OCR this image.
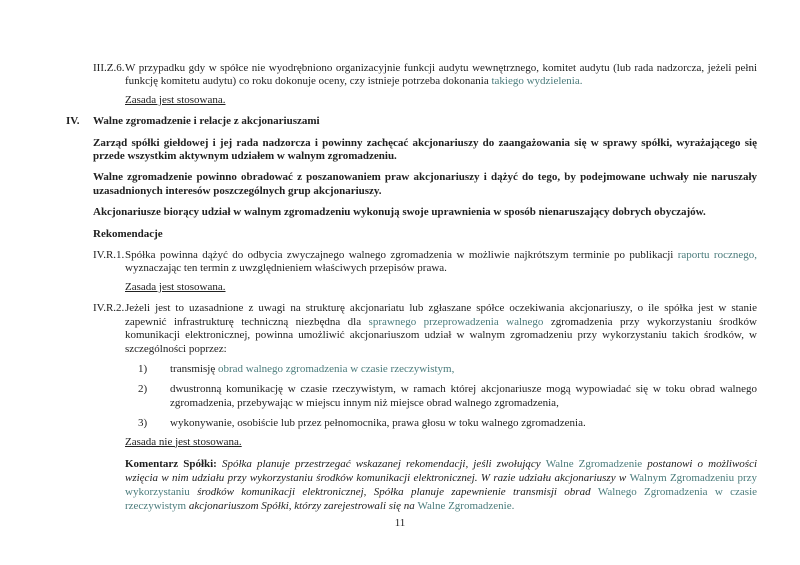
III.Z.6. W przypadku gdy w spółce nie wyodrębniono organizacyjnie funkcji audytu wewnętrznego, komitet audytu (lub rada nadzorcza, jeżeli pełni funkcję komitetu audytu) co roku dokonuje oceny, czy istnieje potrzeba dokonania takiego wydzielenia.

Zasada jest stosowana.

IV.	Walne zgromadzenie i relacje z akcjonariuszami

Zarząd spółki giełdowej i jej rada nadzorcza i powinny zachęcać akcjonariuszy do zaangażowania się w sprawy spółki, wyrażającego się przede wszystkim aktywnym udziałem w walnym zgromadzeniu.

Walne zgromadzenie powinno obradować z poszanowaniem praw akcjonariuszy i dążyć do tego, by podejmowane uchwały nie naruszały uzasadnionych interesów poszczególnych grup akcjonariuszy.

Akcjonariusze biorący udział w walnym zgromadzeniu wykonują swoje uprawnienia w sposób nienaruszający dobrych obyczajów.

Rekomendacje

IV.R.1. Spółka powinna dążyć do odbycia zwyczajnego walnego zgromadzenia w możliwie najkrótszym terminie po publikacji raportu rocznego, wyznaczając ten termin z uwzględnieniem właściwych przepisów prawa.

Zasada jest stosowana.

IV.R.2. Jeżeli jest to uzasadnione z uwagi na strukturę akcjonariatu lub zgłaszane spółce oczekiwania akcjonariuszy, o ile spółka jest w stanie zapewnić infrastrukturę techniczną niezbędna dla sprawnego przeprowadzenia walnego zgromadzenia przy wykorzystaniu środków komunikacji elektronicznej, powinna umożliwić akcjonariuszom udział w walnym zgromadzeniu przy wykorzystaniu takich środków, w szczególności poprzez:

1)	transmisję obrad walnego zgromadzenia w czasie rzeczywistym,

2)	dwustronną komunikację w czasie rzeczywistym, w ramach której akcjonariusze mogą wypowiadać się w toku obrad walnego zgromadzenia, przebywając w miejscu innym niż miejsce obrad walnego zgromadzenia,

3)	wykonywanie, osobiście lub przez pełnomocnika, prawa głosu w toku walnego zgromadzenia.

Zasada nie jest stosowana.

Komentarz Spółki: Spółka planuje przestrzegać wskazanej rekomendacji, jeśli zwołujący Walne Zgromadzenie postanowi o możliwości wzięcia w nim udziału przy wykorzystaniu środków komunikacji elektronicznej. W razie udziału akcjonariuszy w Walnym Zgromadzeniu przy wykorzystaniu środków komunikacji elektronicznej, Spółka planuje zapewnienie transmisji obrad Walnego Zgromadzenia w czasie rzeczywistym akcjonariuszom Spółki, którzy zarejestrowali się na Walne Zgromadzenie.

11
